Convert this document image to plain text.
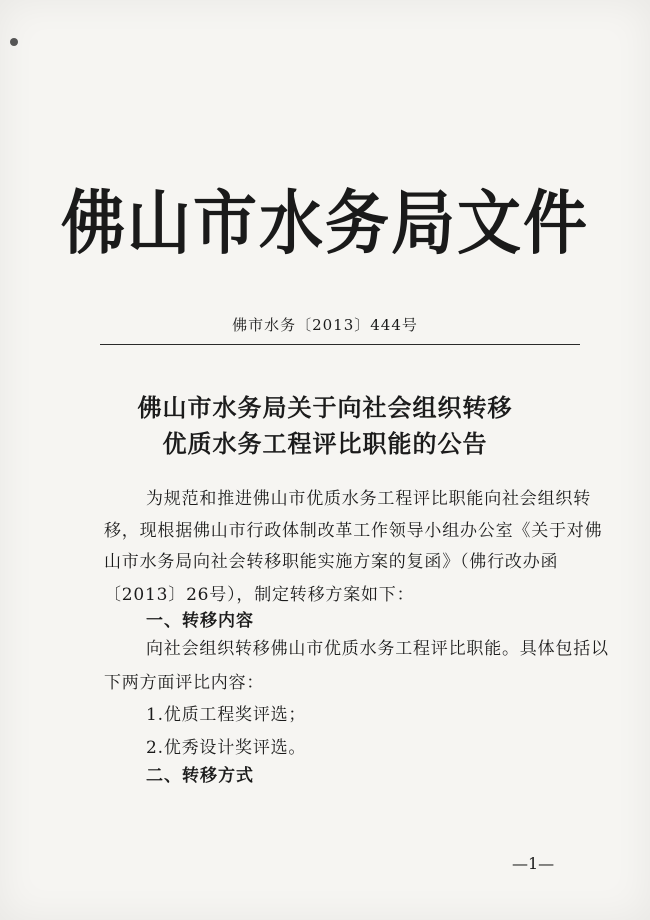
佛山市水务局文件
佛市水务〔2013〕444号
佛山市水务局关于向社会组织转移
优质水务工程评比职能的公告
为规范和推进佛山市优质水务工程评比职能向社会组织转
移，现根据佛山市行政体制改革工作领导小组办公室《关于对佛
山市水务局向社会转移职能实施方案的复函》（佛行改办函
〔2013〕26号），制定转移方案如下：
一、转移内容
向社会组织转移佛山市优质水务工程评比职能。具体包括以
下两方面评比内容：
1.优质工程奖评选；
2.优秀设计奖评选。
二、转移方式
—1—
